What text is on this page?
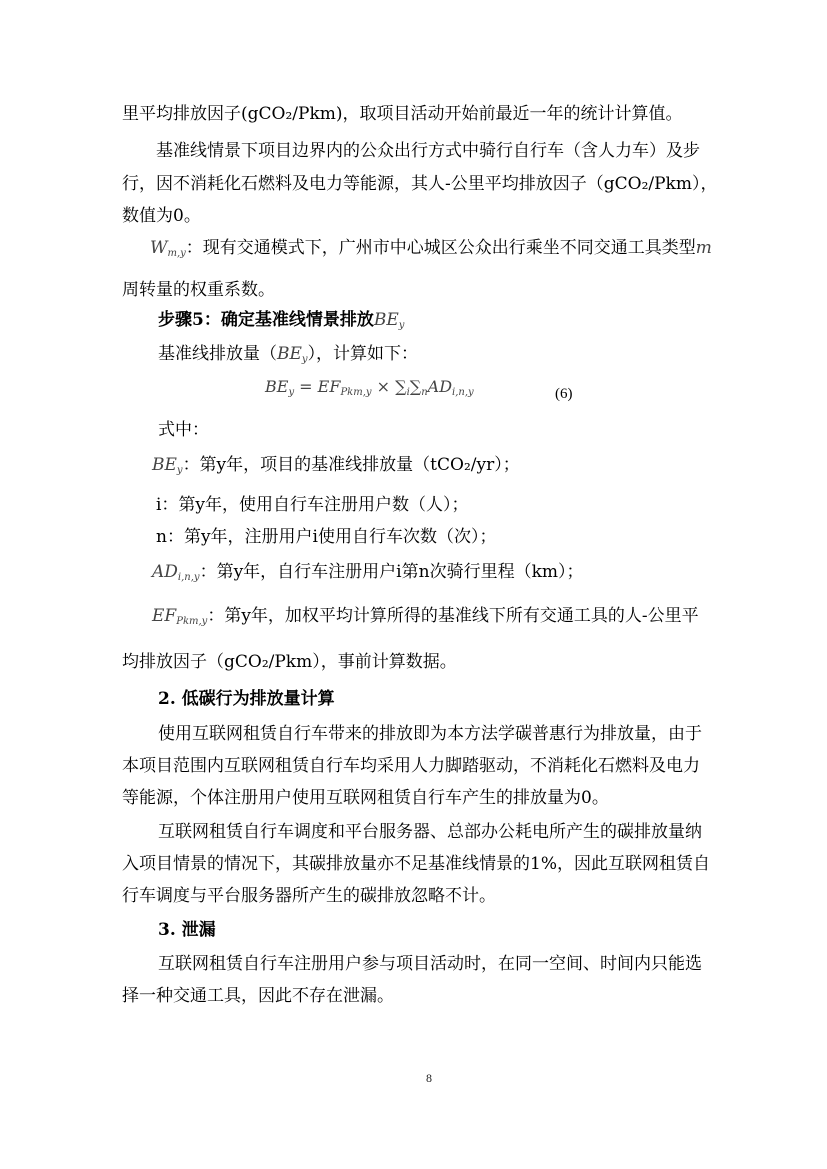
里平均排放因子(gCO₂/Pkm)，取项目活动开始前最近一年的统计计算值。
基准线情景下项目边界内的公众出行方式中骑行自行车（含人力车）及步
行，因不消耗化石燃料及电力等能源，其人-公里平均排放因子（gCO₂/Pkm），
数值为0。
$W_{m,y}$：现有交通模式下，广州市中心城区公众出行乘坐不同交通工具类型m
周转量的权重系数。
步骤5：确定基准线情景排放$BE_y$
基准线排放量$(BE_y)$，计算如下：
$BE_y = EF_{Pkm,y} \times \sum_i\sum_nAD_{i,n,y}$	(6)
式中：
$BE_y$：第y年，项目的基准线排放量（tCO₂/yr）；
i：第y年，使用自行车注册用户数（人）；
n：第y年，注册用户i使用自行车次数（次）；
$AD_{i,n,y}$：第y年，自行车注册用户i第n次骑行里程（km）；
$EF_{Pkm,y}$：第y年，加权平均计算所得的基准线下所有交通工具的人-公里平
均排放因子（gCO₂/Pkm），事前计算数据。
2. 低碳行为排放量计算
使用互联网租赁自行车带来的排放即为本方法学碳普惠行为排放量，由于
本项目范围内互联网租赁自行车均采用人力脚踏驱动，不消耗化石燃料及电力
等能源，个体注册用户使用互联网租赁自行车产生的排放量为0。
互联网租赁自行车调度和平台服务器、总部办公耗电所产生的碳排放量纳
入项目情景的情况下，其碳排放量亦不足基准线情景的1%，因此互联网租赁自
行车调度与平台服务器所产生的碳排放忽略不计。
3. 泄漏
互联网租赁自行车注册用户参与项目活动时，在同一空间、时间内只能选
择一种交通工具，因此不存在泄漏。
8
